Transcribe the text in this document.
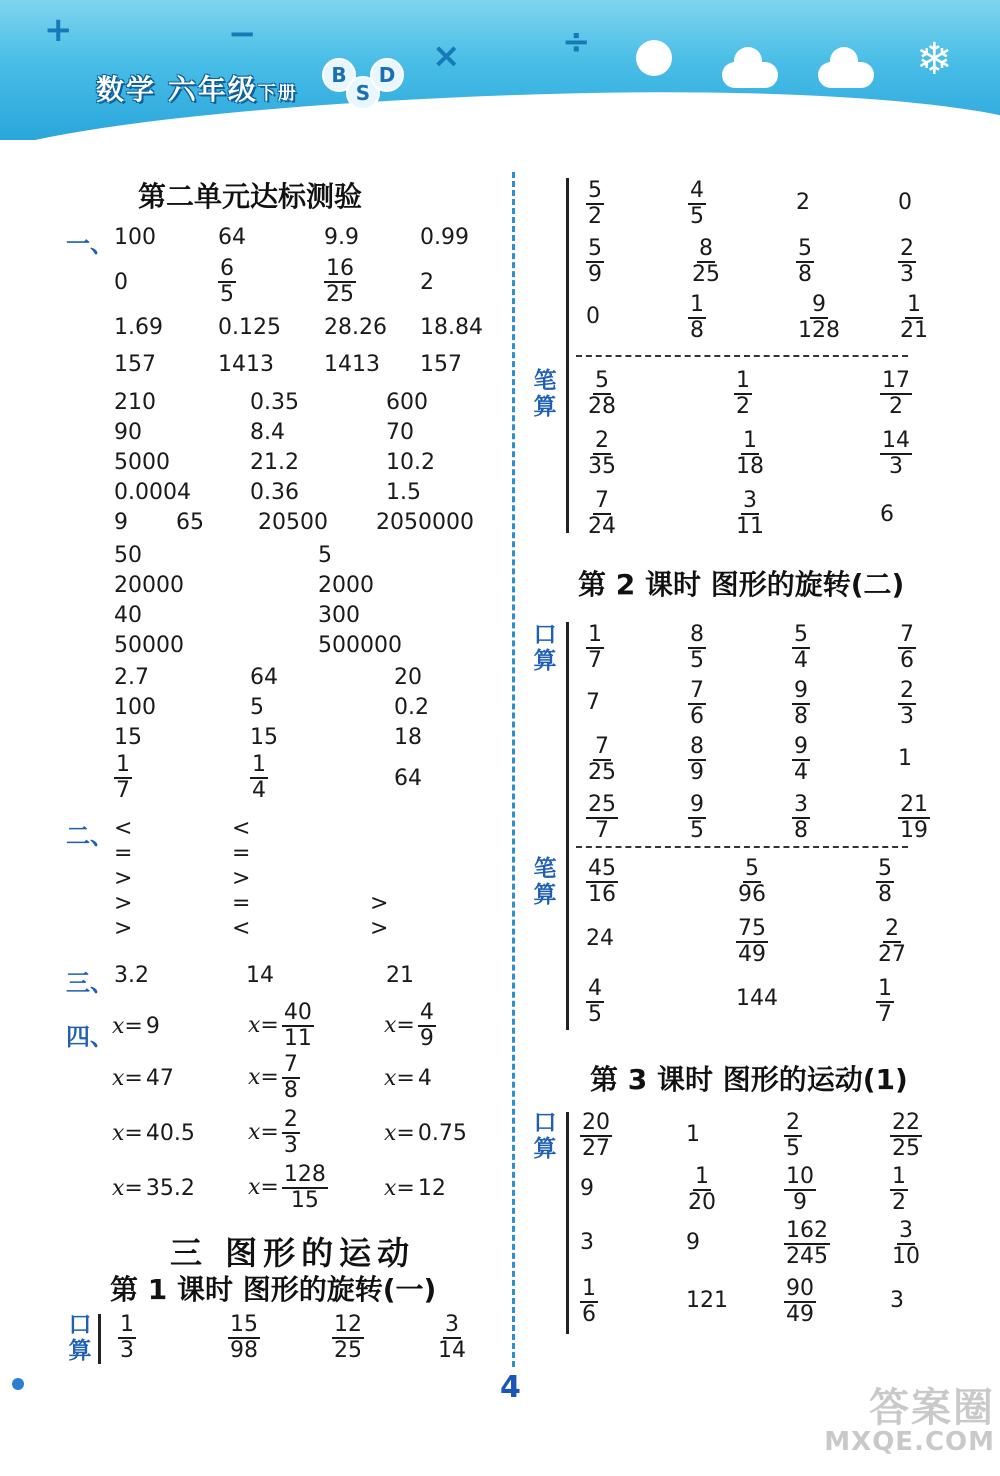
+	−
×	÷
数学 六年级下册
B
S
D	❄
第二单元达标测验
一、
二、
三、
四、
100	64	9.9	0.99
0	$\frac{6}{5}$	$\frac{16}{25}$	2
1.69	0.125 28.26 18.84
157	1413 1413 157
210	0.35	600
90	8.4	70
5000	21.2	10.2
0.0004	0.36	1.5
9 65 20500 2050000
50	5
20000	2000
40	300
50000	500000
2.7	64	20
100	5	0.2
15	15	18
$\frac{1}{7}$	$\frac{1}{4}$	64
<	<
=	=
>	>
>	=	>
>	<	>
3.2	14	21
x= 9	$x= \frac{40}{11}$	$x= \frac{4}{9}$
x= 47	$x= \frac{7}{8}$	x= 4
x= 40.5 $x= \frac{2}{3}$	x= 0.75
x= 35.2 $x= \frac{128}{15}$	x= 12
三 图形的运动
第 1 课时 图形的旋转(一)
口算 $\frac{1}{3}$	$\frac{15}{98}$	$\frac{12}{25}$	$\frac{3}{14}$
笔算
$\frac{5}{2}$	$\frac{4}{5}$	2	0
$\frac{5}{9}$	$\frac{8}{25}$	$\frac{5}{8}$	$\frac{2}{3}$
0	$\frac{1}{8}$	$\frac{9}{128}$	$\frac{1}{21}$
$\frac{5}{28}$	$\frac{1}{2}$	$\frac{17}{2}$
$\frac{2}{35}$	$\frac{1}{18}$	$\frac{14}{3}$
$\frac{7}{24}$	$\frac{3}{11}$	6
第 2 课时 图形的旋转(二)
口算
笔算
$\frac{1}{7}$	$\frac{8}{5}$	$\frac{5}{4}$	$\frac{7}{6}$
7	$\frac{7}{6}$	$\frac{9}{8}$	$\frac{2}{3}$
$\frac{7}{25}$	$\frac{8}{9}$	$\frac{9}{4}$	1
$\frac{25}{7}$	$\frac{9}{5}$	$\frac{3}{8}$	$\frac{21}{19}$
$\frac{45}{16}$	$\frac{5}{96}$	$\frac{5}{8}$
24	$\frac{75}{49}$	$\frac{2}{27}$
$\frac{4}{5}$	144	$\frac{1}{7}$
第 3 课时 图形的运动(1)
口算 $\frac{20}{27}$	1	$\frac{2}{5}$	$\frac{22}{25}$
9	$\frac{1}{20}$	$\frac{10}{9}$	$\frac{1}{2}$
3	9	$\frac{162}{245}$	$\frac{3}{10}$
$\frac{1}{6}$	121	$\frac{90}{49}$	3
4	答案圈
MXQE.COM
